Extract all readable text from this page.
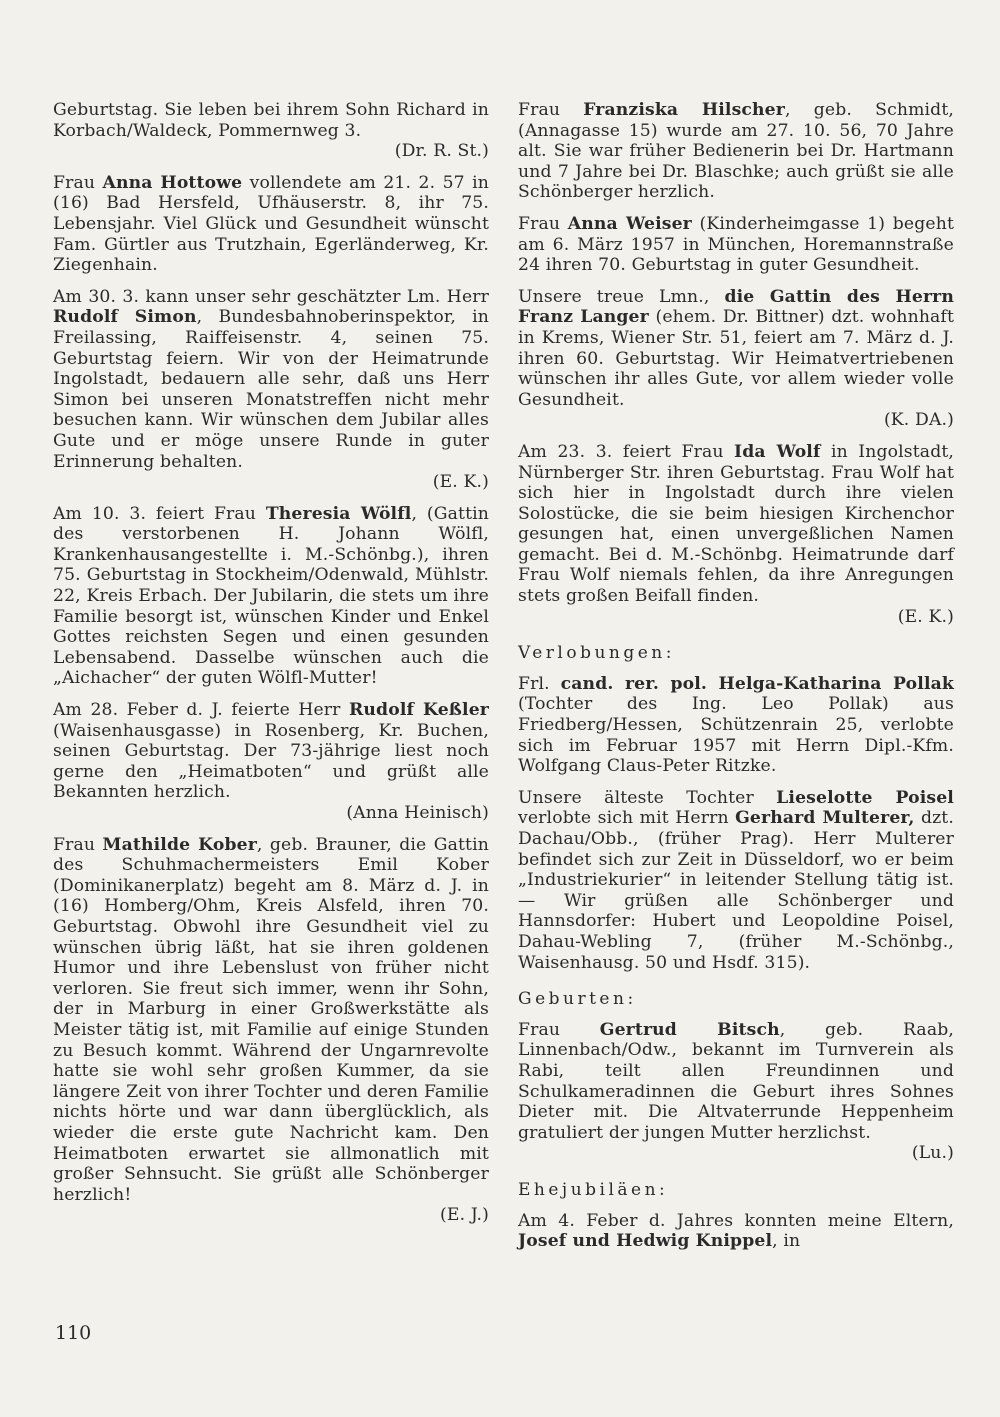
Geburtstag. Sie leben bei ihrem Sohn Richard in Korbach/Waldeck, Pommernweg 3.
(Dr. R. St.)

Frau Anna Hottowe vollendete am 21. 2. 57 in (16) Bad Hersfeld, Ufhäuserstr. 8, ihr 75. Lebensjahr. Viel Glück und Gesundheit wünscht Fam. Gürtler aus Trutzhain, Egerländerweg, Kr. Ziegenhain.

Am 30. 3. kann unser sehr geschätzter Lm. Herr Rudolf Simon, Bundesbahnoberinspektor, in Freilassing, Raiffeisenstr. 4, seinen 75. Geburtstag feiern. Wir von der Heimatrunde Ingolstadt, bedauern alle sehr, daß uns Herr Simon bei unseren Monatstreffen nicht mehr besuchen kann. Wir wünschen dem Jubilar alles Gute und er möge unsere Runde in guter Erinnerung behalten.
(E. K.)

Am 10. 3. feiert Frau Theresia Wölfl, (Gattin des verstorbenen H. Johann Wölfl, Krankenhausangestellte i. M.-Schönbg.), ihren 75. Geburtstag in Stockheim/Odenwald, Mühlstr. 22, Kreis Erbach. Der Jubilarin, die stets um ihre Familie besorgt ist, wünschen Kinder und Enkel Gottes reichsten Segen und einen gesunden Lebensabend. Dasselbe wünschen auch die „Aichacher“ der guten Wölfl-Mutter!

Am 28. Feber d. J. feierte Herr Rudolf Keßler (Waisenhausgasse) in Rosenberg, Kr. Buchen, seinen Geburtstag. Der 73-jährige liest noch gerne den „Heimatboten“ und grüßt alle Bekannten herzlich.
(Anna Heinisch)

Frau Mathilde Kober, geb. Brauner, die Gattin des Schuhmachermeisters Emil Kober (Dominikanerplatz) begeht am 8. März d. J. in (16) Homberg/Ohm, Kreis Alsfeld, ihren 70. Geburtstag. Obwohl ihre Gesundheit viel zu wünschen übrig läßt, hat sie ihren goldenen Humor und ihre Lebenslust von früher nicht verloren. Sie freut sich immer, wenn ihr Sohn, der in Marburg in einer Großwerkstätte als Meister tätig ist, mit Familie auf einige Stunden zu Besuch kommt. Während der Ungarnrevolte hatte sie wohl sehr großen Kummer, da sie längere Zeit von ihrer Tochter und deren Familie nichts hörte und war dann überglücklich, als wieder die erste gute Nachricht kam. Den Heimatboten erwartet sie allmonatlich mit großer Sehnsucht. Sie grüßt alle Schönberger herzlich!
(E. J.)

Frau Franziska Hilscher, geb. Schmidt, (Annagasse 15) wurde am 27. 10. 56, 70 Jahre alt. Sie war früher Bedienerin bei Dr. Hartmann und 7 Jahre bei Dr. Blaschke; auch grüßt sie alle Schönberger herzlich.

Frau Anna Weiser (Kinderheimgasse 1) begeht am 6. März 1957 in München, Horemannstraße 24 ihren 70. Geburtstag in guter Gesundheit.

Unsere treue Lmn., die Gattin des Herrn Franz Langer (ehem. Dr. Bittner) dzt. wohnhaft in Krems, Wiener Str. 51, feiert am 7. März d. J. ihren 60. Geburtstag. Wir Heimatvertriebenen wünschen ihr alles Gute, vor allem wieder volle Gesundheit.
(K. DA.)

Am 23. 3. feiert Frau Ida Wolf in Ingolstadt, Nürnberger Str. ihren Geburtstag. Frau Wolf hat sich hier in Ingolstadt durch ihre vielen Solostücke, die sie beim hiesigen Kirchenchor gesungen hat, einen unvergeßlichen Namen gemacht. Bei d. M.-Schönbg. Heimatrunde darf Frau Wolf niemals fehlen, da ihre Anregungen stets großen Beifall finden.
(E. K.)

Verlobungen:

Frl. cand. rer. pol. Helga-Katharina Pollak (Tochter des Ing. Leo Pollak) aus Friedberg/Hessen, Schützenrain 25, verlobte sich im Februar 1957 mit Herrn Dipl.-Kfm. Wolfgang Claus-Peter Ritzke.

Unsere älteste Tochter Lieselotte Poisel verlobte sich mit Herrn Gerhard Multerer, dzt. Dachau/Obb., (früher Prag). Herr Multerer befindet sich zur Zeit in Düsseldorf, wo er beim „Industriekurier“ in leitender Stellung tätig ist. — Wir grüßen alle Schönberger und Hannsdorfer: Hubert und Leopoldine Poisel, Dahau-Webling 7, (früher M.-Schönbg., Waisenhausg. 50 und Hsdf. 315).

Geburten:

Frau Gertrud Bitsch, geb. Raab, Linnenbach/Odw., bekannt im Turnverein als Rabi, teilt allen Freundinnen und Schulkameradinnen die Geburt ihres Sohnes Dieter mit. Die Altvaterrunde Heppenheim gratuliert der jungen Mutter herzlichst.
(Lu.)

Ehejubiläen:

Am 4. Feber d. Jahres konnten meine Eltern, Josef und Hedwig Knippel, in

110
